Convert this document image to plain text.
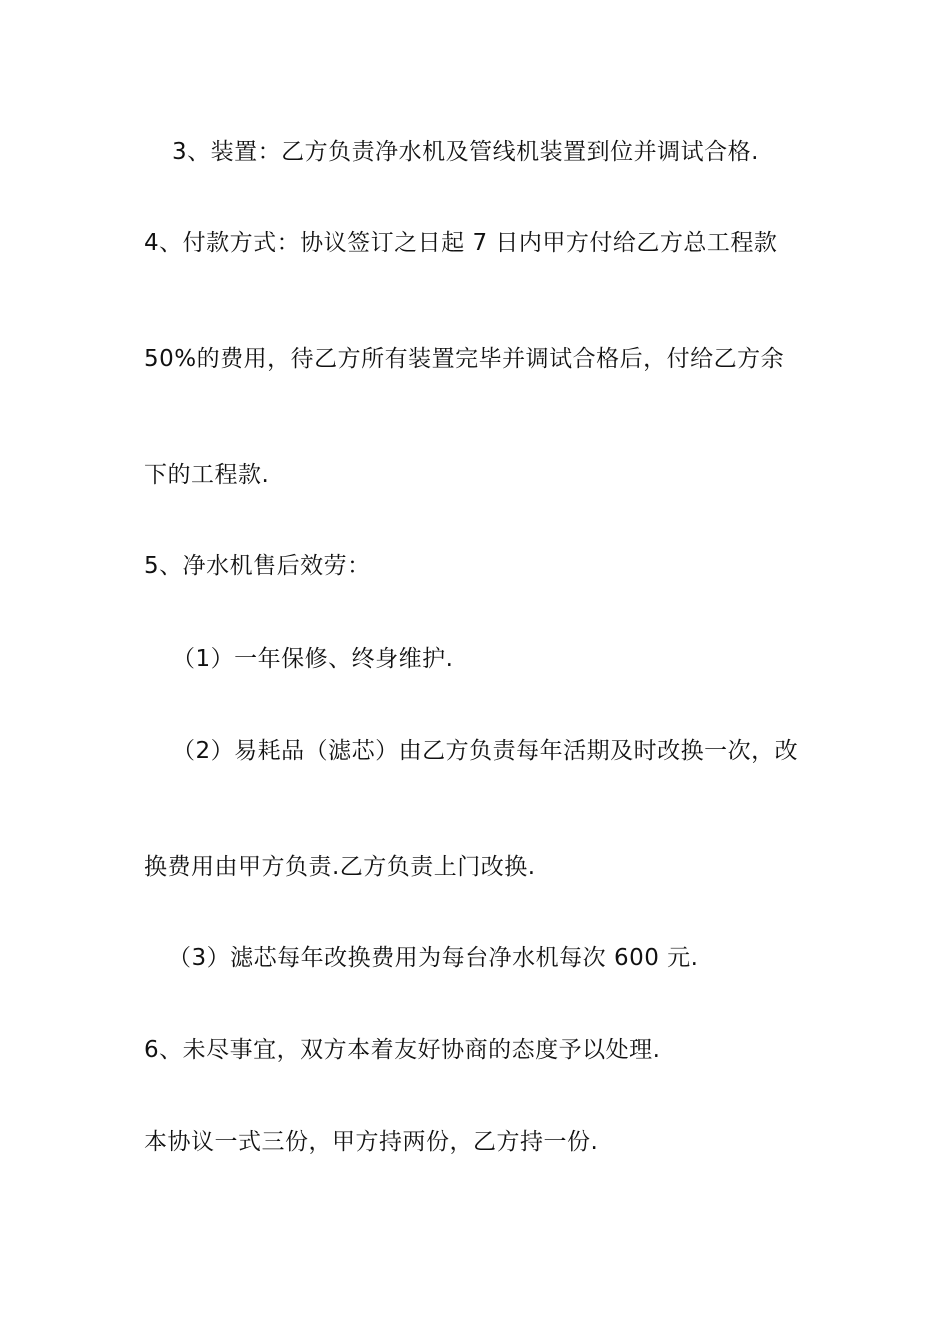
3、装置：乙方负责净水机及管线机装置到位并调试合格.
4、付款方式：协议签订之日起 7 日内甲方付给乙方总工程款
50%的费用，待乙方所有装置完毕并调试合格后，付给乙方余
下的工程款.
5、净水机售后效劳：
（1）一年保修、终身维护.
（2）易耗品（滤芯）由乙方负责每年活期及时改换一次，改
换费用由甲方负责.乙方负责上门改换.
（3）滤芯每年改换费用为每台净水机每次 600 元.
6、未尽事宜，双方本着友好协商的态度予以处理.
本协议一式三份，甲方持两份，乙方持一份.
